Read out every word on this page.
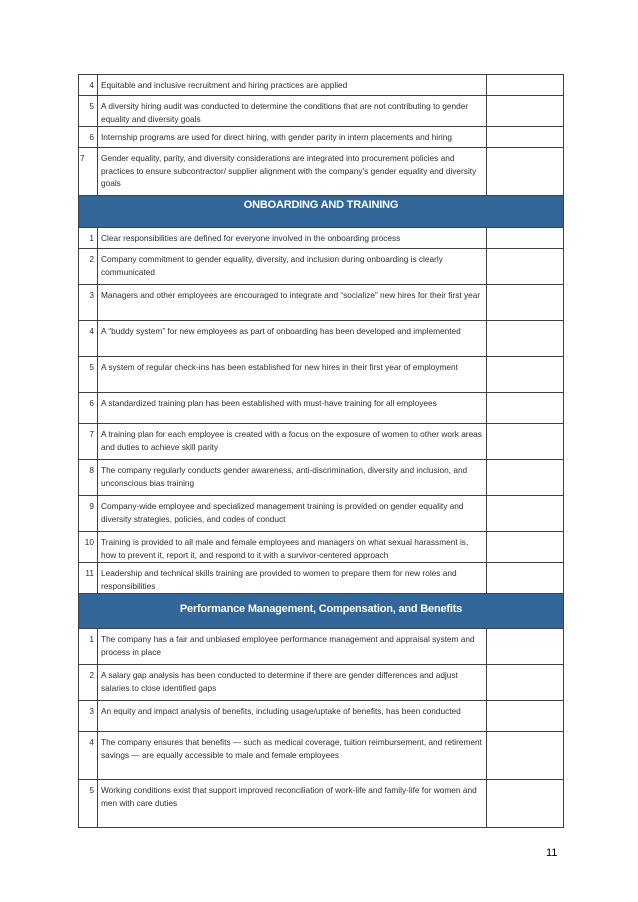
4	Equitable and inclusive recruitment and hiring practices are applied	
5	A diversity hiring audit was conducted to determine the conditions that are not contributing to gender equality and diversity goals	
6	Internship programs are used for direct hiring, with gender parity in intern placements and hiring	
7	Gender equality, parity, and diversity considerations are integrated into procurement policies and practices to ensure subcontractor/ supplier alignment with the company’s gender equality and diversity goals	
ONBOARDING AND TRAINING		
1	Clear responsibilities are defined for everyone involved in the onboarding process	
2	Company commitment to gender equality, diversity, and inclusion during onboarding is clearly communicated	
3	Managers and other employees are encouraged to integrate and “socialize” new hires for their first year	
4	A “buddy system” for new employees as part of onboarding has been developed and implemented	
5	A system of regular check-ins has been established for new hires in their first year of employment	
6	A standardized training plan has been established with must-have training for all employees	
7	A training plan for each employee is created with a focus on the exposure of women to other work areas and duties to achieve skill parity	
8	The company regularly conducts gender awareness, anti-discrimination, diversity and inclusion, and unconscious bias training	
9	Company-wide employee and specialized management training is provided on gender equality and diversity strategies, policies, and codes of conduct	
10	Training is provided to all male and female employees and managers on what sexual harassment is, how to prevent it, report it, and respond to it with a survivor-centered approach	
11	Leadership and technical skills training are provided to women to prepare them for new roles and responsibilities	
Performance Management, Compensation, and Benefits		
1	The company has a fair and unbiased employee performance management and appraisal system and process in place	
2	A salary gap analysis has been conducted to determine if there are gender differences and adjust salaries to close identified gaps	
3	An equity and impact analysis of benefits, including usage/uptake of benefits, has been conducted	
4	The company ensures that benefits — such as medical coverage, tuition reimbursement, and retirement savings — are equally accessible to male and female employees	
5	Working conditions exist that support improved reconciliation of work-life and family-life for women and men with care duties	
11
